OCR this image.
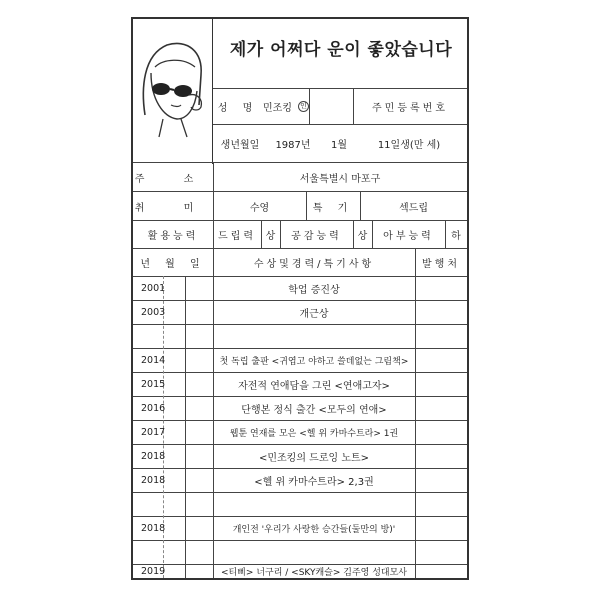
제가 어쩌다 운이 좋았습니다
성 명 민조킹	인	주민등록번호
생년월일	1987년	1월	11일생(만 세)
주 소	서울특별시 마포구
취 미	수영	특 기	섹드립
활용능력	드립력 상	공감능력	상	아부능력	하
년 월 일	수상및경력/특기사항	발행처
2001	학업 증진상
2003	개근상
2014	첫 독립 출판 <귀엽고 야하고 쓸데없는 그림책>
2015	자전적 연애담을 그린 <연애고자>
2016	단행본 정식 출간 <모두의 연애>
2017	웹툰 연재를 모은 <헬 위 카마수트라> 1권
2018	<민조킹의 드로잉 노트>
2018	<헬 위 카마수트라> 2,3권
2018	개인전 '우리가 사랑한 승간들(둘만의 방)'
2019	<티삐> 너구리 / <SKY캐슬> 김주영 성대모사
